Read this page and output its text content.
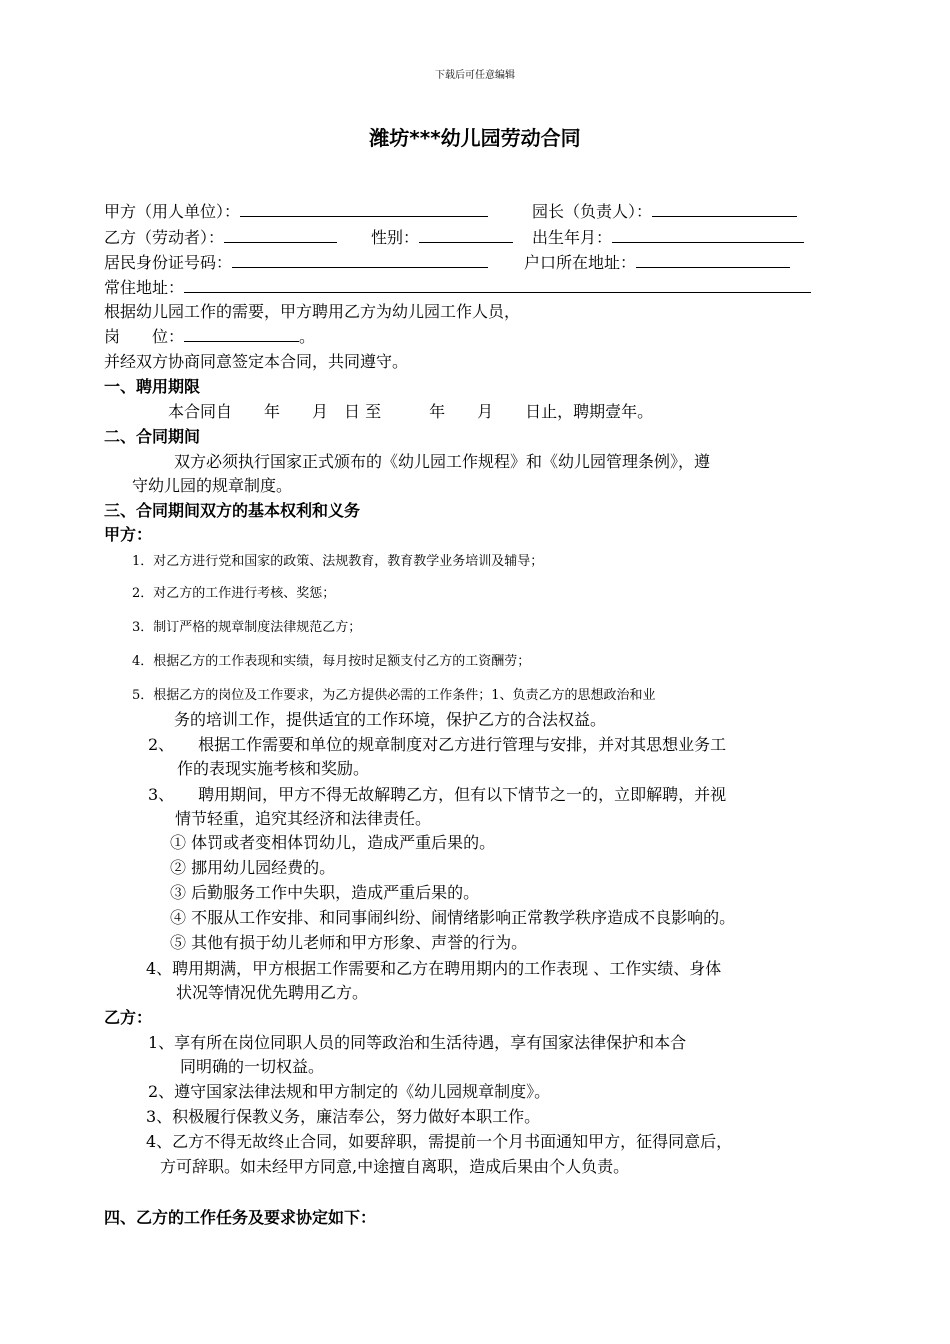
下载后可任意编辑
潍坊***幼儿园劳动合同
甲方（用人单位）：	园长（负责人）：
乙方（劳动者）：	性别：	出生年月：
居民身份证号码：	户口所在地址：
常住地址：
根据幼儿园工作的需要，甲方聘用乙方为幼儿园工作人员，
岗　　位：	。
并经双方协商同意签定本合同，共同遵守。
一、聘用期限
本合同自　　年　　月　日 至　　　年　　月　　日止，聘期壹年。
二、合同期间
双方必须执行国家正式颁布的《幼儿园工作规程》和《幼儿园管理条例》，遵
守幼儿园的规章制度。
三、合同期间双方的基本权利和义务
甲方：
1．对乙方进行党和国家的政策、法规教育，教育教学业务培训及辅导；
2．对乙方的工作进行考核、奖惩；
3．制订严格的规章制度法律规范乙方；
4．根据乙方的工作表现和实绩，每月按时足额支付乙方的工资酬劳；
5．根据乙方的岗位及工作要求，为乙方提供必需的工作条件；1、负责乙方的思想政治和业
务的培训工作，提供适宜的工作环境，保护乙方的合法权益。
2、　　根据工作需要和单位的规章制度对乙方进行管理与安排，并对其思想业务工
作的表现实施考核和奖励。
3、　　聘用期间，甲方不得无故解聘乙方，但有以下情节之一的，立即解聘，并视
情节轻重，追究其经济和法律责任。
① 体罚或者变相体罚幼儿，造成严重后果的。
② 挪用幼儿园经费的。
③ 后勤服务工作中失职，造成严重后果的。
④ 不服从工作安排、和同事闹纠纷、闹情绪影响正常教学秩序造成不良影响的。
⑤ 其他有损于幼儿老师和甲方形象、声誉的行为。
4、聘用期满，甲方根据工作需要和乙方在聘用期内的工作表现 、工作实绩、身体
状况等情况优先聘用乙方。
乙方：
1、享有所在岗位同职人员的同等政治和生活待遇，享有国家法律保护和本合
同明确的一切权益。
2、遵守国家法律法规和甲方制定的《幼儿园规章制度》。
3、积极履行保教义务，廉洁奉公，努力做好本职工作。
4、乙方不得无故终止合同，如要辞职，需提前一个月书面通知甲方，征得同意后，
方可辞职。如未经甲方同意,中途擅自离职，造成后果由个人负责。
四、乙方的工作任务及要求协定如下：
